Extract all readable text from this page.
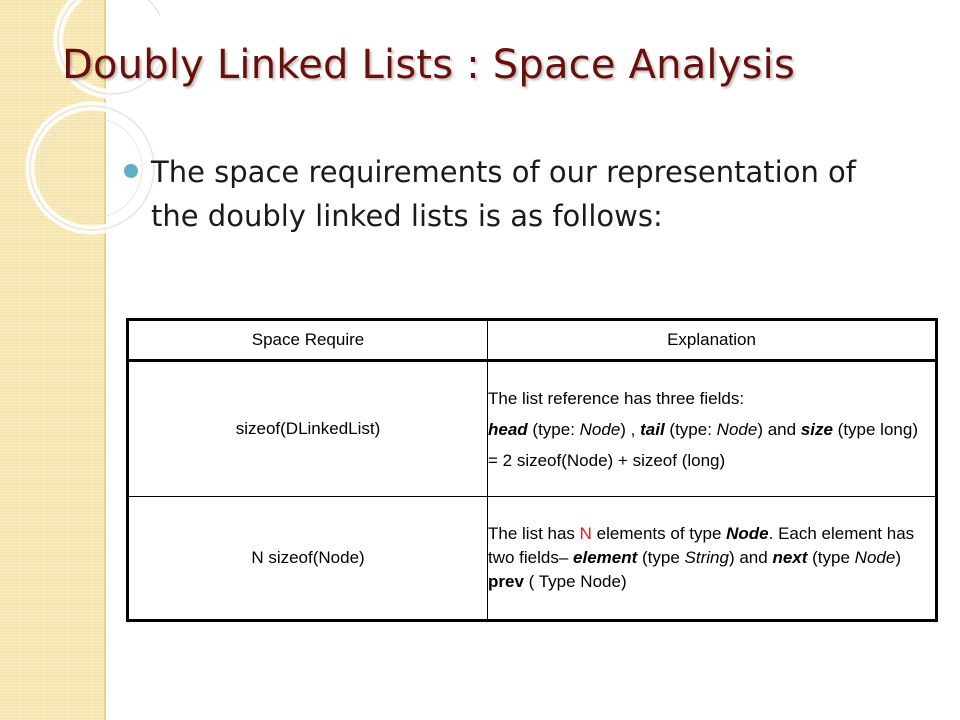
Doubly Linked Lists : Space Analysis
The space requirements of our representation of the doubly linked lists is as follows:
Space Require	Explanation
sizeof(DLinkedList)	The list reference has three fields:

head (type: Node) , tail (type: Node) and size (type long)

= 2 sizeof(Node) + sizeof (long)

N sizeof(Node)	The list has N elements of type Node. Each element has two fields– element (type String) and next (type Node) prev ( Type Node)
